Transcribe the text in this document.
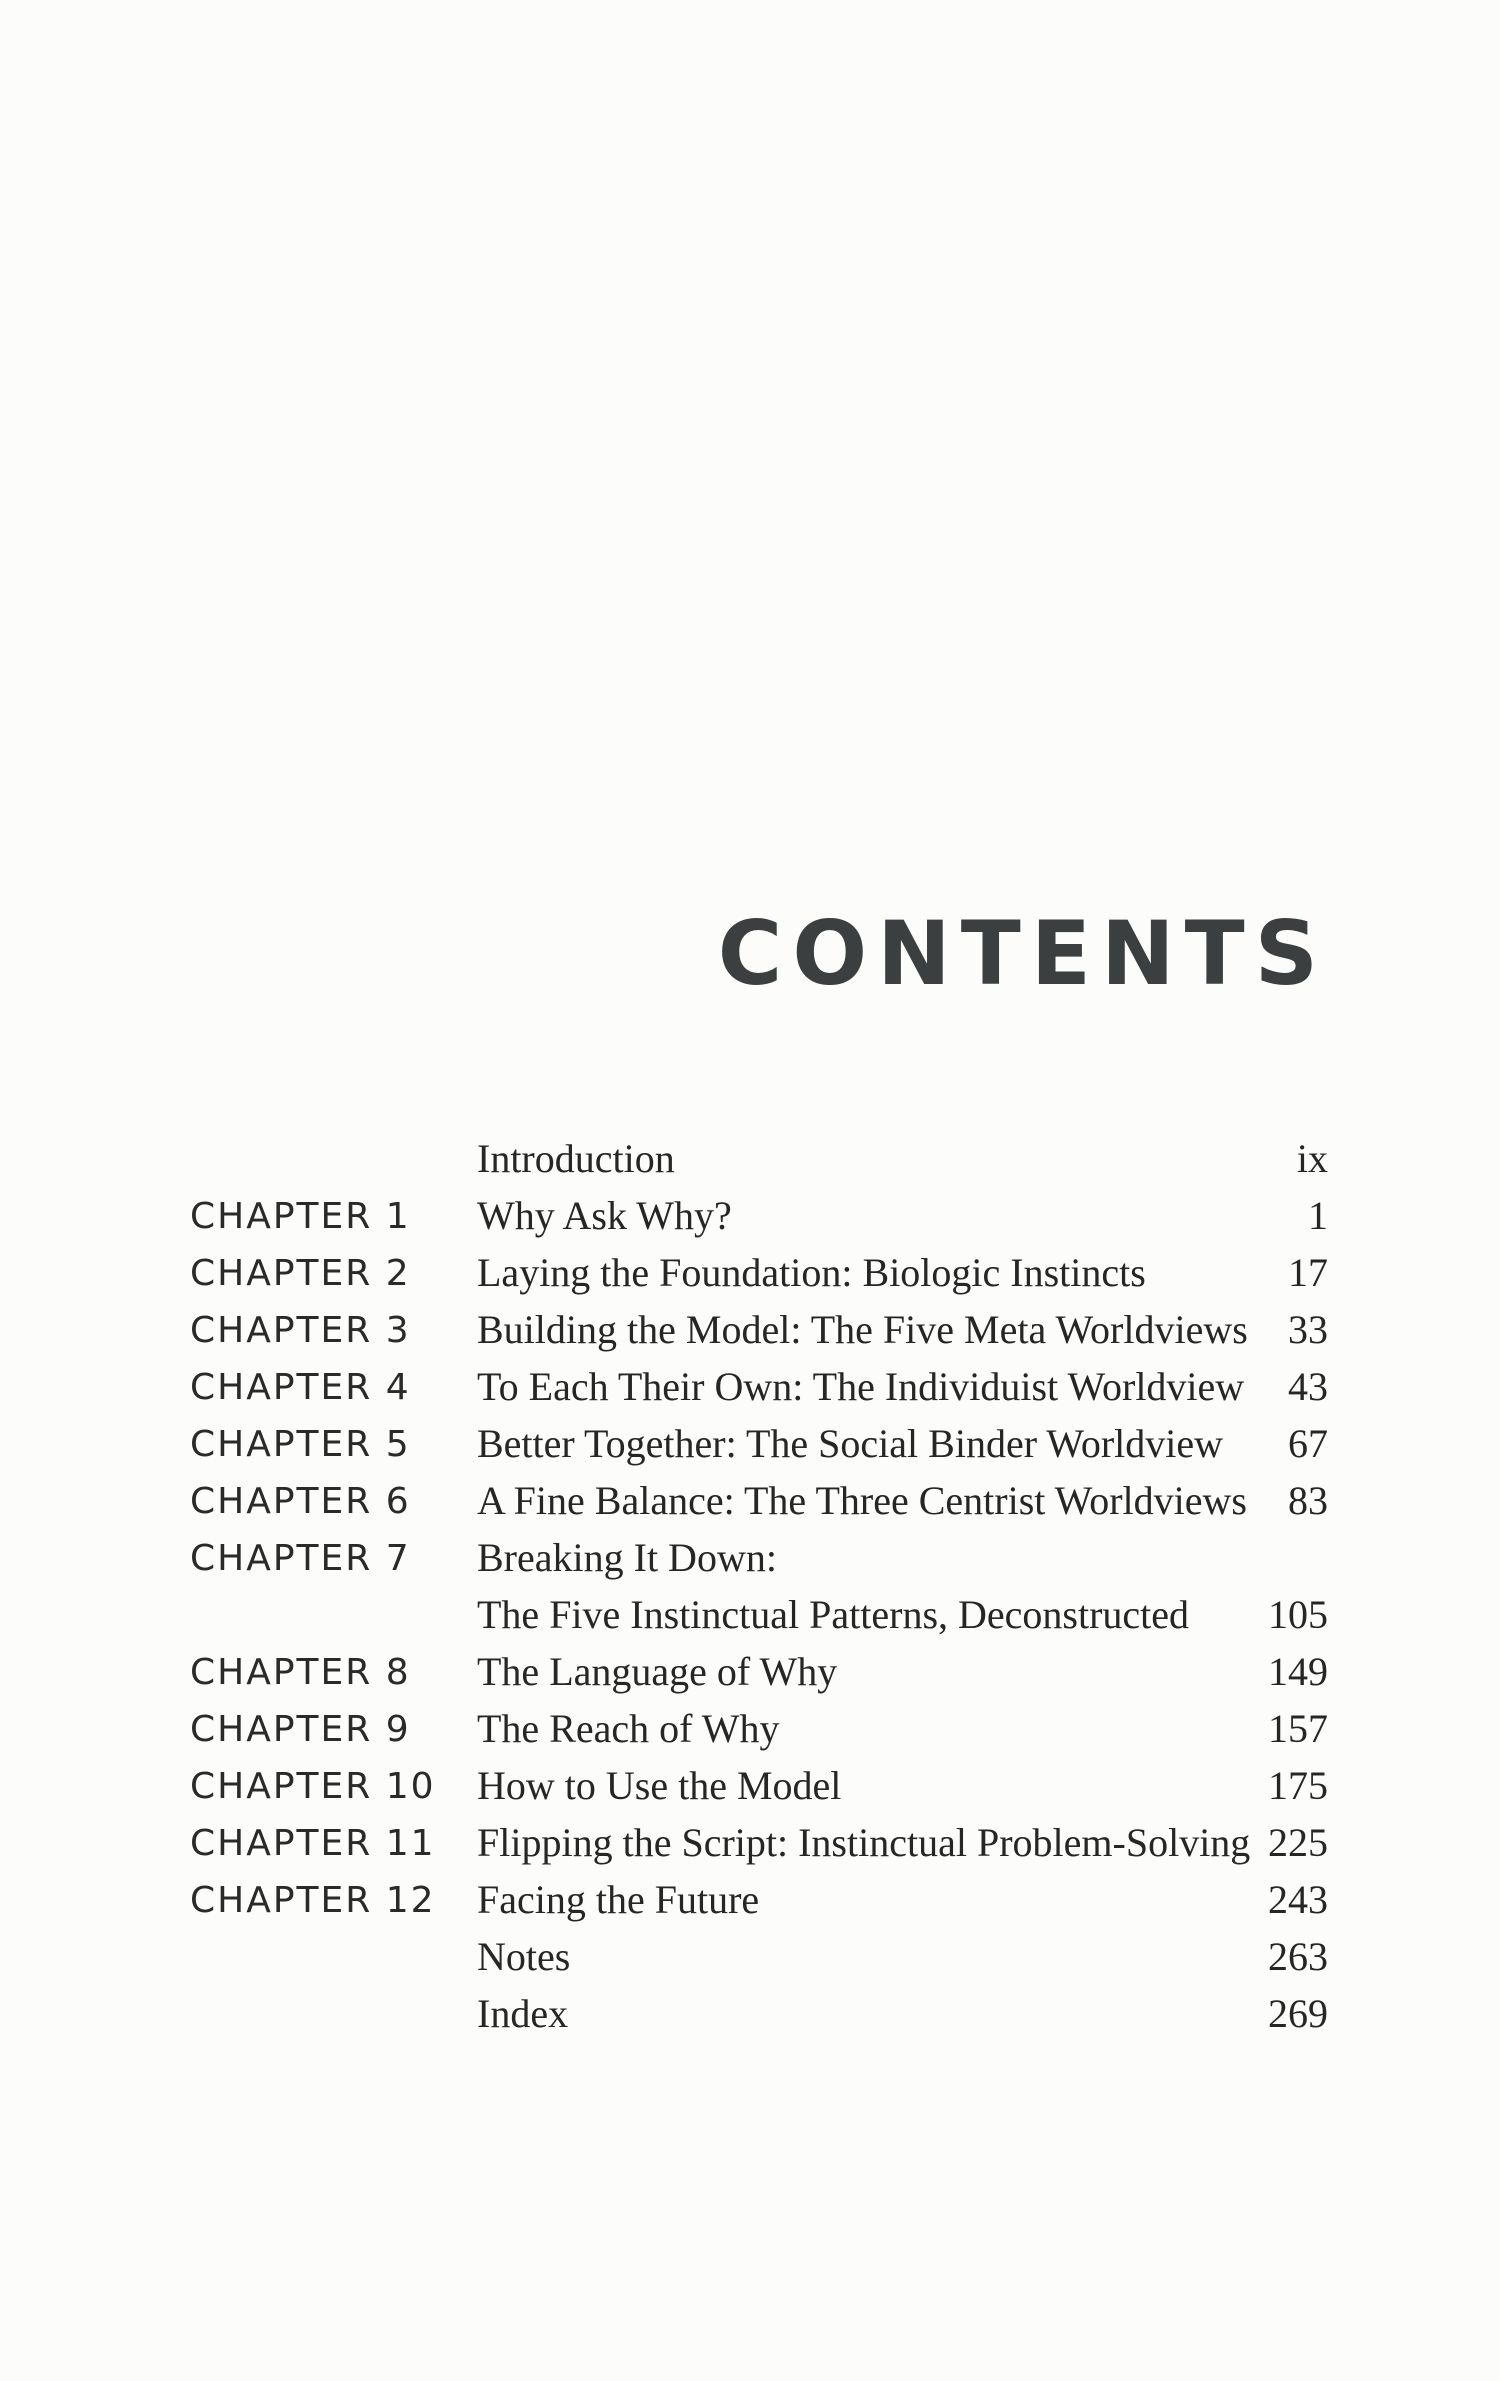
CONTENTS
Introduction	ix
CHAPTER 1 Why Ask Why?	1
CHAPTER 2 Laying the Foundation: Biologic Instincts	17
CHAPTER 3 Building the Model: The Five Meta Worldviews 33
CHAPTER 4 To Each Their Own: The Individuist Worldview 43
CHAPTER 5 Better Together: The Social Binder Worldview 67
CHAPTER 6 A Fine Balance: The Three Centrist Worldviews 83
CHAPTER 7 Breaking It Down:
The Five Instinctual Patterns, Deconstructed 105
CHAPTER 8 The Language of Why	149
CHAPTER 9 The Reach of Why	157
CHAPTER 10 How to Use the Model	175
CHAPTER 11 Flipping the Script: Instinctual Problem-Solving 225
CHAPTER 12 Facing the Future	243
Notes	263
Index	269
